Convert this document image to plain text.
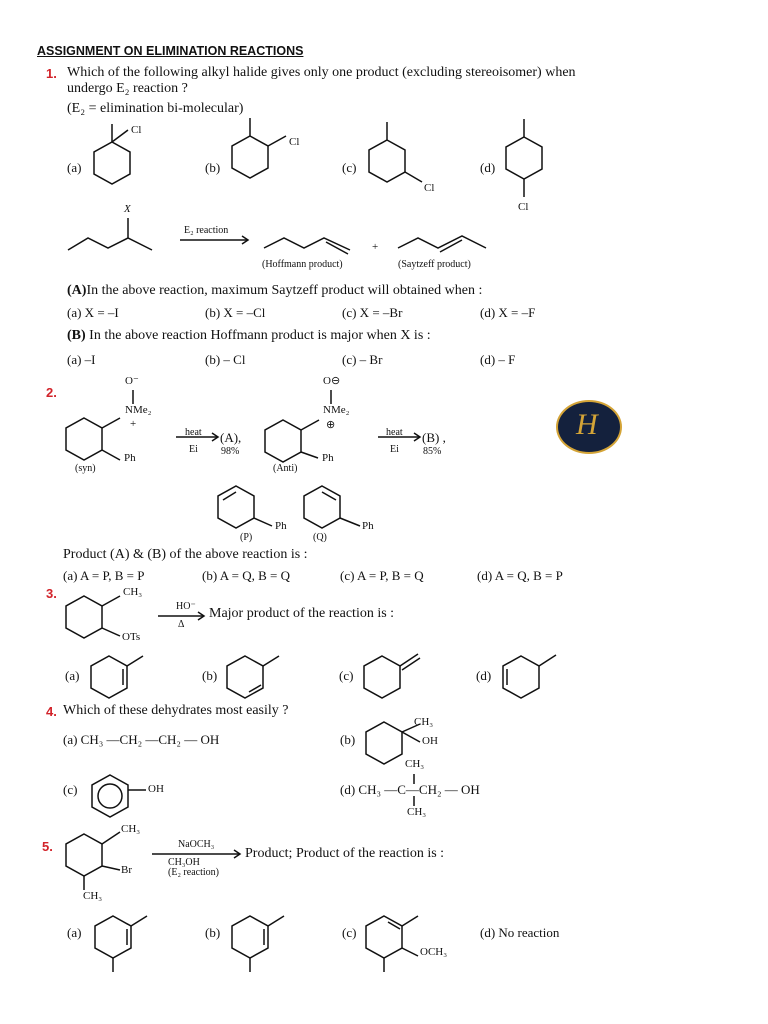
H
ASSIGNMENT ON ELIMINATION REACTIONS
1. Which of the following alkyl halide gives only one product (excluding stereoisomer) when
undergo E₂ reaction ?
(E₂ = elimination bi-molecular)
Cl
Cl
Cl
Cl
(a)	(b)	(c)	(d)
X
E₂ reaction
(Hoffmann product)
+
(Saytzeff product)
(A)In the above reaction, maximum Saytzeff product will obtained when :
(a) X = –I	(b) X = –Cl	(c) X = –Br	(d) X = –F
(B) In the above reaction Hoffmann product is major when X is :
(a) –I	(b) – Cl	(c) – Br	(d) – F
2.
O⁻
NMe₂
+
Ph
(syn)
heat
Ei
(A),
98%
O⊖
NMe₂
⊕
Ph
(Anti)
heat
Ei
(B) ,
85%
Ph	Ph
(P)	(Q)
Product (A) & (B) of the above reaction is :
(a) A = P, B = P	(b) A = Q, B = Q	(c) A = P, B = Q	(d) A = Q, B = P
3.	CH₃
OTs
HO⁻
Δ
Major product of the reaction is :
(a)	(b)	(c)	(d)
4. Which of these dehydrates most easily ?
(a) CH₃ —CH₂ —CH₂ — OH	(b)
CH₃
OH
(c)	OH
CH₃
(d) CH₃ —C—CH₂ — OH
CH₃
5.
CH₃
Br
CH₃
NaOCH₃
CH₃OH
(E₂ reaction)
Product; Product of the reaction is :
(a)	(b)	(c)
OCH₃
(d) No reaction
